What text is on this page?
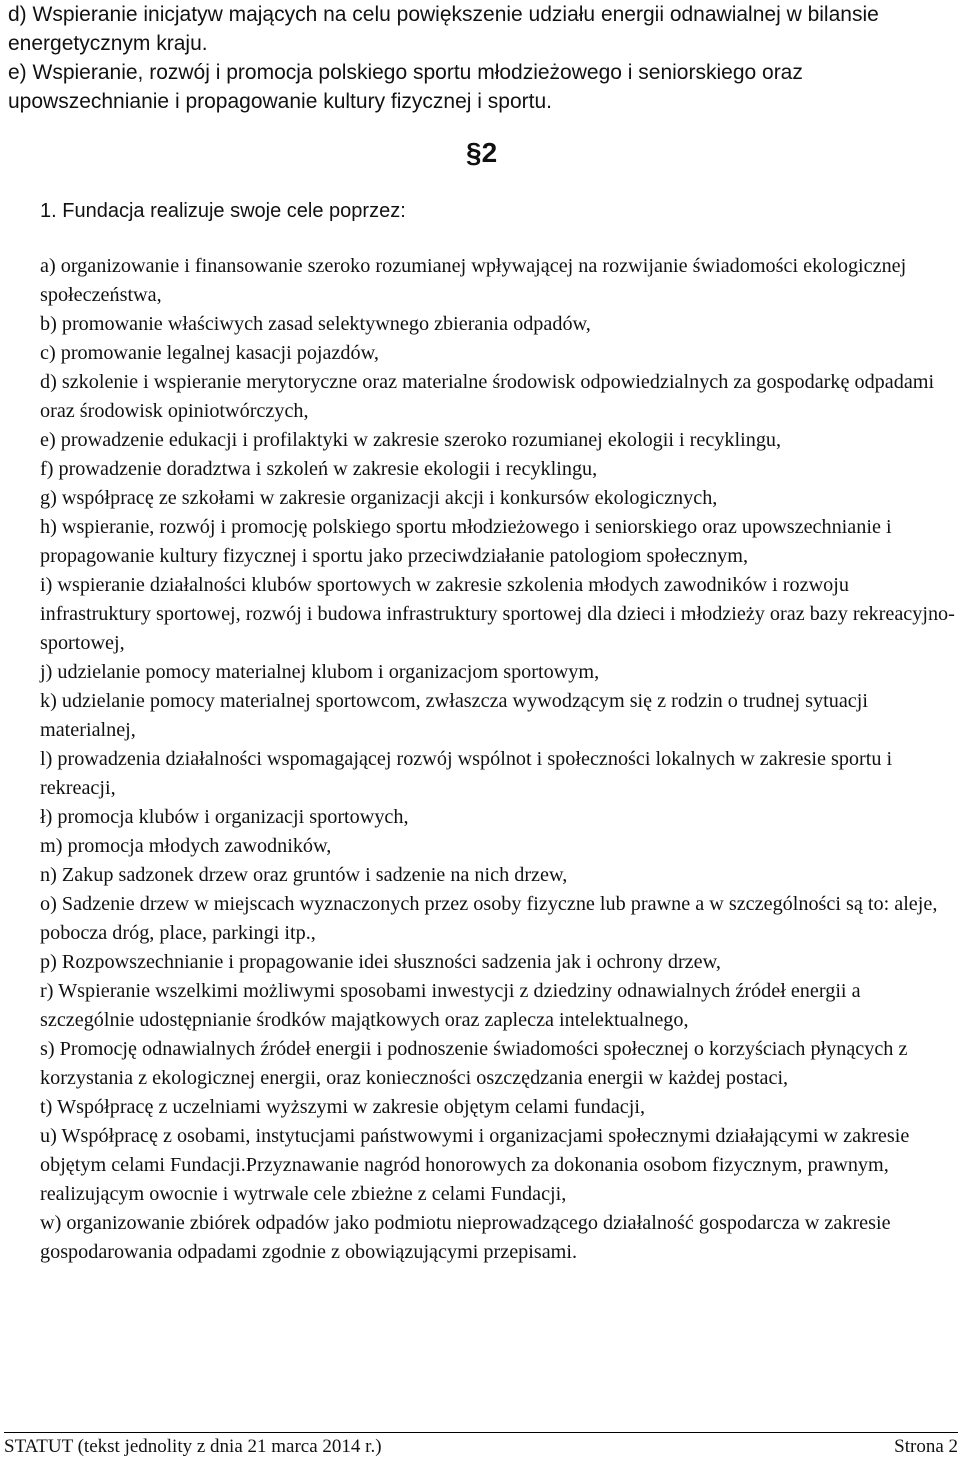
d) Wspieranie inicjatyw mających na celu powiększenie udziału energii odnawialnej w bilansie energetycznym kraju.

e) Wspieranie, rozwój i promocja polskiego sportu młodzieżowego i seniorskiego oraz upowszechnianie i propagowanie kultury fizycznej i sportu.

§2
1. Fundacja realizuje swoje cele poprzez:

a) organizowanie i finansowanie szeroko rozumianej wpływającej na rozwijanie świadomości ekologicznej społeczeństwa,

b) promowanie właściwych zasad selektywnego zbierania odpadów,

c) promowanie legalnej kasacji pojazdów,

d) szkolenie i wspieranie merytoryczne oraz materialne środowisk odpowiedzialnych za gospodarkę odpadami oraz środowisk opiniotwórczych,

e) prowadzenie edukacji i profilaktyki w zakresie szeroko rozumianej ekologii i recyklingu,

f) prowadzenie doradztwa i szkoleń w zakresie ekologii i recyklingu,

g) współpracę ze szkołami w zakresie organizacji akcji i konkursów ekologicznych,

h) wspieranie, rozwój i promocję polskiego sportu młodzieżowego i seniorskiego oraz upowszechnianie i propagowanie kultury fizycznej i sportu jako przeciwdziałanie patologiom społecznym,

i) wspieranie działalności klubów sportowych w zakresie szkolenia młodych zawodników i rozwoju infrastruktury sportowej, rozwój i budowa infrastruktury sportowej dla dzieci i młodzieży oraz bazy rekreacyjno-sportowej,

j) udzielanie pomocy materialnej klubom i organizacjom sportowym,

k) udzielanie pomocy materialnej sportowcom, zwłaszcza wywodzącym się z rodzin o trudnej sytuacji materialnej,

l) prowadzenia działalności wspomagającej rozwój wspólnot i społeczności lokalnych w zakresie sportu i rekreacji,

ł) promocja klubów i organizacji sportowych,

m) promocja młodych zawodników,

n) Zakup sadzonek drzew oraz gruntów i sadzenie na nich drzew,

o) Sadzenie drzew w miejscach wyznaczonych przez osoby fizyczne lub prawne a w szczególności są to: aleje, pobocza dróg, place, parkingi itp.,

p) Rozpowszechnianie i propagowanie idei słuszności sadzenia jak i ochrony drzew,

r) Wspieranie wszelkimi możliwymi sposobami inwestycji z dziedziny odnawialnych źródeł energii a szczególnie udostępnianie środków majątkowych oraz zaplecza intelektualnego,

s) Promocję odnawialnych źródeł energii i podnoszenie świadomości społecznej o korzyściach płynących z korzystania z ekologicznej energii, oraz konieczności oszczędzania energii w każdej postaci,

t) Współpracę z uczelniami wyższymi w zakresie objętym celami fundacji,

u) Współpracę z osobami, instytucjami państwowymi i organizacjami społecznymi działającymi w zakresie objętym celami Fundacji.Przyznawanie nagród honorowych za dokonania osobom fizycznym, prawnym, realizującym owocnie i wytrwale cele zbieżne z celami Fundacji,

w) organizowanie zbiórek odpadów jako podmiotu nieprowadzącego działalność gospodarcza w zakresie gospodarowania odpadami zgodnie z obowiązującymi przepisami.

STATUT (tekst jednolity z dnia 21 marca 2014 r.)	Strona 2
